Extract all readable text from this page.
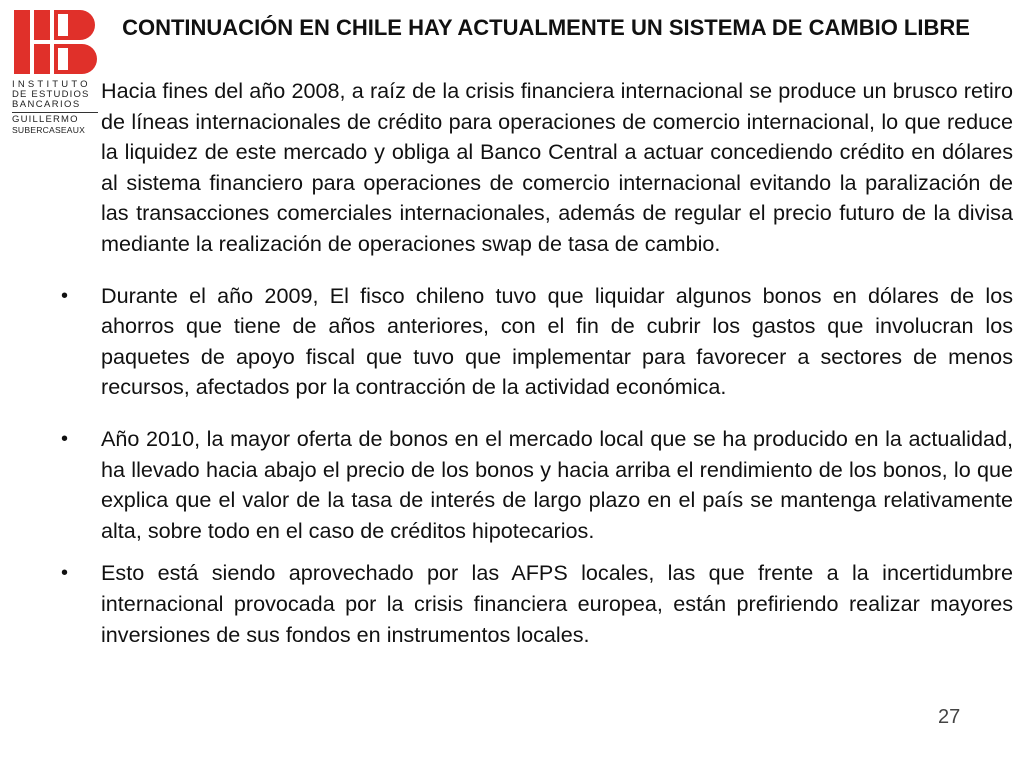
INSTITUTO
DE ESTUDIOS
BANCARIOS
GUILLERMO
SUBERCASEAUX
CONTINUACIÓN EN CHILE HAY ACTUALMENTE UN SISTEMA DE CAMBIO LIBRE

Hacia fines del año 2008, a raíz de la crisis financiera internacional se produce un brusco retiro de líneas internacionales de crédito para operaciones de comercio internacional, lo que reduce la liquidez de este mercado y obliga al Banco Central a actuar concediendo crédito en dólares al sistema financiero para operaciones de comercio internacional evitando la paralización de las transacciones comerciales internacionales, además de regular el precio futuro de la divisa mediante la realización de operaciones swap de tasa de cambio.

•	Durante el año 2009, El fisco chileno tuvo que liquidar algunos bonos en dólares de los ahorros que tiene de años anteriores, con el fin de cubrir los gastos que involucran los paquetes de apoyo fiscal que tuvo que implementar para favorecer a sectores de menos recursos, afectados por la contracción de la actividad económica.

•	Año 2010, la mayor oferta de bonos en el mercado local que se ha producido en la actualidad, ha llevado hacia abajo el precio de los bonos y hacia arriba el rendimiento de los bonos, lo que explica que el valor de la tasa de interés de largo plazo en el país se mantenga relativamente alta, sobre todo en el caso de créditos hipotecarios.

•	Esto está siendo aprovechado por las AFPS locales, las que frente a la incertidumbre internacional provocada por la crisis financiera europea, están prefiriendo realizar mayores inversiones de sus fondos en instrumentos locales.

27
